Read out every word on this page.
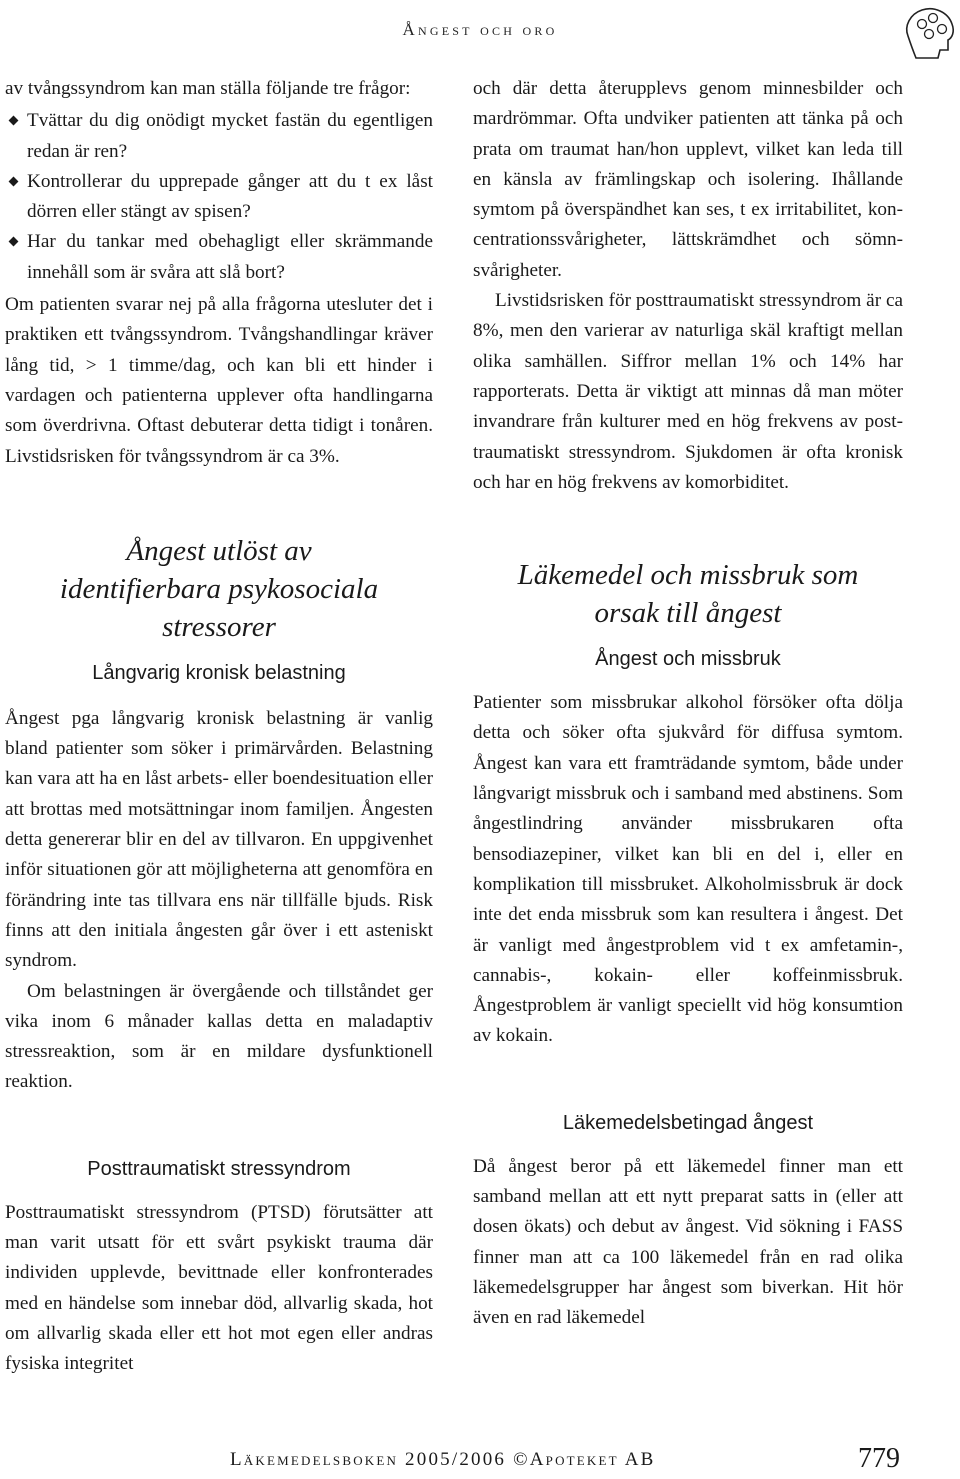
Ångest och oro

av tvångssyndrom kan man ställa följande tre frågor:

Tvättar du dig onödigt mycket fastän du egentligen redan är ren?
Kontrollerar du upprepade gånger att du t ex låst dörren eller stängt av spisen?
Har du tankar med obehagligt eller skrämmande innehåll som är svåra att slå bort?

Om patienten svarar nej på alla frågorna utesluter det i praktiken ett tvångssyndrom. Tvångshandlingar kräver lång tid, > 1 timme/dag, och kan bli ett hinder i vardagen och patienterna upplever ofta handlingarna som överdrivna. Oftast debuterar detta tidigt i tonåren. Livstidsrisken för tvångssyndrom är ca 3%.

Ångest utlöst av identifierbara psykosociala stressorer
Långvarig kronisk belastning

Ångest pga långvarig kronisk belastning är vanlig bland patienter som söker i primärvården. Belastning kan vara att ha en låst arbets- eller boendesituation eller att brottas med motsättningar inom familjen. Ångesten detta genererar blir en del av tillvaron. En uppgivenhet inför situationen gör att möjligheterna att genomföra en förändring inte tas tillvara ens när tillfälle bjuds. Risk finns att den initiala ångesten går över i ett asteniskt syndrom.

Om belastningen är övergående och tillståndet ger vika inom 6 månader kallas detta en maladaptiv stressreaktion, som är en mildare dysfunktionell reaktion.

Posttraumatiskt stressyndrom

Posttraumatiskt stressyndrom (PTSD) förutsätter att man varit utsatt för ett svårt psykiskt trauma där individen upplevde, bevittnade eller konfronterades med en händelse som innebar död, allvarlig skada, hot om allvarlig skada eller ett hot mot egen eller andras fysiska integritet

och där detta återupplevs genom minnesbilder och mardrömmar. Ofta undviker patienten att tänka på och prata om traumat han/hon upplevt, vilket kan leda till en känsla av främlingskap och isolering. Ihållande symtom på överspändhet kan ses, t ex irritabilitet, koncentrationssvårigheter, lättskrämdhet och sömnsvårigheter.

Livstidsrisken för posttraumatiskt stressyndrom är ca 8%, men den varierar av naturliga skäl kraftigt mellan olika samhällen. Siffror mellan 1% och 14% har rapporterats. Detta är viktigt att minnas då man möter invandrare från kulturer med en hög frekvens av posttraumatiskt stressyndrom. Sjukdomen är ofta kronisk och har en hög frekvens av komorbiditet.

Läkemedel och missbruk som orsak till ångest
Ångest och missbruk

Patienter som missbrukar alkohol försöker ofta dölja detta och söker ofta sjukvård för diffusa symtom. Ångest kan vara ett framträdande symtom, både under långvarigt missbruk och i samband med abstinens. Som ångestlindring använder missbrukaren ofta bensodiazepiner, vilket kan bli en del i, eller en komplikation till missbruket. Alkoholmissbruk är dock inte det enda missbruk som kan resultera i ångest. Det är vanligt med ångestproblem vid t ex amfetamin-, cannabis-, kokain- eller koffeinmissbruk. Ångestproblem är vanligt speciellt vid hög konsumtion av kokain.

Läkemedelsbetingad ångest

Då ångest beror på ett läkemedel finner man ett samband mellan att ett nytt preparat satts in (eller att dosen ökats) och debut av ångest. Vid sökning i FASS finner man att ca 100 läkemedel från en rad olika läkemedelsgrupper har ångest som biverkan. Hit hör även en rad läkemedel

Läkemedelsboken 2005/2006 ©Apoteket AB	779
